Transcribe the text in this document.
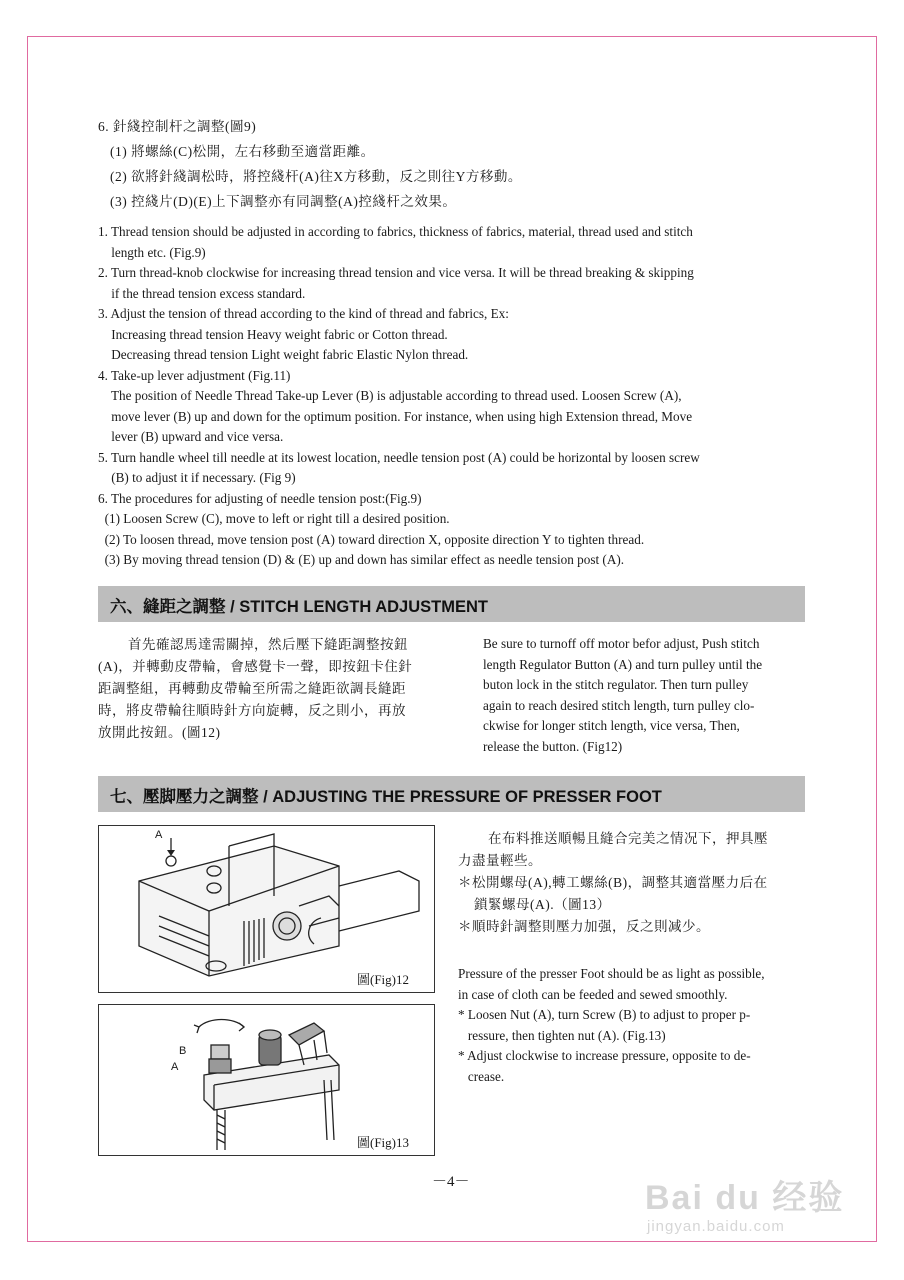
6. 針綫控制杆之調整(圖9)
(1) 將螺絲(C)松開，左右移動至適當距離。
(2) 欲將針綫調松時，將控綫杆(A)往X方移動，反之則往Y方移動。
(3) 控綫片(D)(E)上下調整亦有同調整(A)控綫杆之效果。
1. Thread tension should be adjusted in according to fabrics, thickness of fabrics, material, thread used and stitch
length etc. (Fig.9)
2. Turn thread-knob clockwise for increasing thread tension and vice versa. It will be thread breaking & skipping
if the thread tension excess standard.
3. Adjust the tension of thread according to the kind of thread and fabrics, Ex:
Increasing thread tension Heavy weight fabric or Cotton thread.
Decreasing thread tension Light weight fabric Elastic Nylon thread.
4. Take-up lever adjustment (Fig.11)
The position of Needle Thread Take-up Lever (B) is adjustable according to thread used. Loosen Screw (A),
move lever (B) up and down for the optimum position. For instance, when using high Extension thread, Move
lever (B) upward and vice versa.
5. Turn handle wheel till needle at its lowest location, needle tension post (A) could be horizontal by loosen screw
(B) to adjust it if necessary. (Fig 9)
6. The procedures for adjusting of needle tension post:(Fig.9)
(1) Loosen Screw (C), move to left or right till a desired position.
(2) To loosen thread, move tension post (A) toward direction X, opposite direction Y to tighten thread.
(3) By moving thread tension (D) & (E) up and down has similar effect as needle tension post (A).
六、縫距之調整 / STITCH LENGTH ADJUSTMENT
首先確認馬達需關掉，然后壓下縫距調整按鈕
(A)，并轉動皮帶輪，會感覺卡一聲，即按鈕卡住針
距調整組，再轉動皮帶輪至所需之縫距欲調長縫距
時，將皮帶輪往順時針方向旋轉，反之則小，再放
放開此按鈕。(圖12)
Be sure to turnoff off motor befor adjust, Push stitch
length Regulator Button (A) and turn pulley until the
buton lock in the stitch regulator. Then turn pulley
again to reach desired stitch length, turn pulley clo-
ckwise for longer stitch length, vice versa, Then,
release the button. (Fig12)
七、壓脚壓力之調整 / ADJUSTING THE PRESSURE OF PRESSER FOOT
A
圖(Fig)12
B
A
圖(Fig)13
在布料推送順暢且縫合完美之情况下，押具壓
力盡量輕些。
＊松開螺母(A),轉工螺絲(B)，調整其適當壓力后在
鎖緊螺母(A).（圖13）
＊順時針調整則壓力加强，反之則减少。
Pressure of the presser Foot should be as light as possible,
in case of cloth can be feeded and sewed smoothly.
* Loosen Nut (A), turn Screw (B) to adjust to proper p-
ressure, then tighten nut (A). (Fig.13)
* Adjust clockwise to increase pressure, opposite to de-
crease.
－4－	Bai du 经验
jingyan.baidu.com
